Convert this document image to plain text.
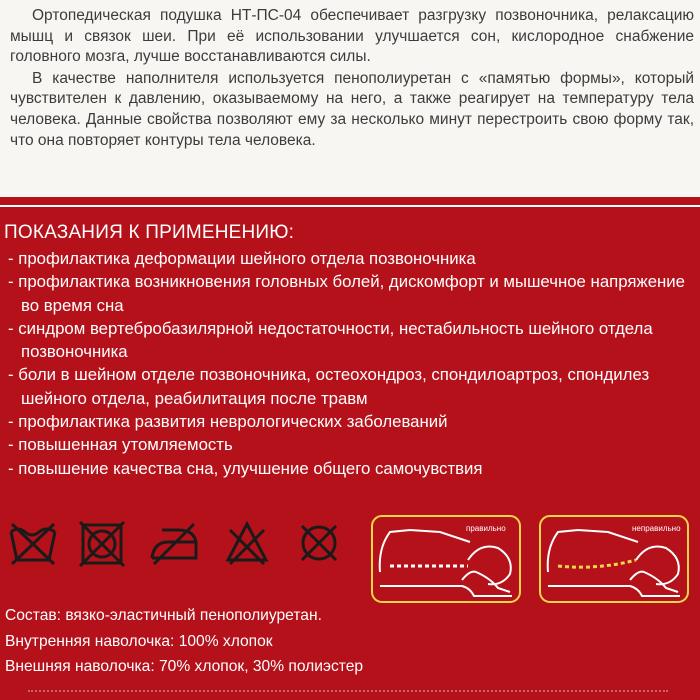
Ортопедическая подушка НТ-ПС-04 обеспечивает разгрузку позвоночника, релаксацию мышц и связок шеи. При её использовании улучшается сон, кислородное снабжение головного мозга, лучше восстанавливаются силы.

В качестве наполнителя используется пенополиуретан с «памятью формы», который чувствителен к давлению, оказываемому на него, а также реагирует на температуру тела человека. Данные свойства позволяют ему за несколько минут перестроить свою форму так, что она повторяет контуры тела человека.

ПОКАЗАНИЯ К ПРИМЕНЕНИЮ:
- профилактика деформации шейного отдела позвоночника
- профилактика возникновения головных болей, дискомфорт и мышечное напряжение во время сна
- синдром вертебробазилярной недостаточности, нестабильность шейного отдела позвоночника
- боли в шейном отделе позвоночника, остеохондроз, спондилоартроз, спондилез шейного отдела, реабилитация после травм
- профилактика развития неврологических заболеваний
- повышенная утомляемость
- повышение качества сна, улучшение общего самочувствия
правильно	неправильно
Состав: вязко-эластичный пенополиуретан.
Внутренняя наволочка: 100% хлопок
Внешняя наволочка: 70% хлопок, 30% полиэстер
